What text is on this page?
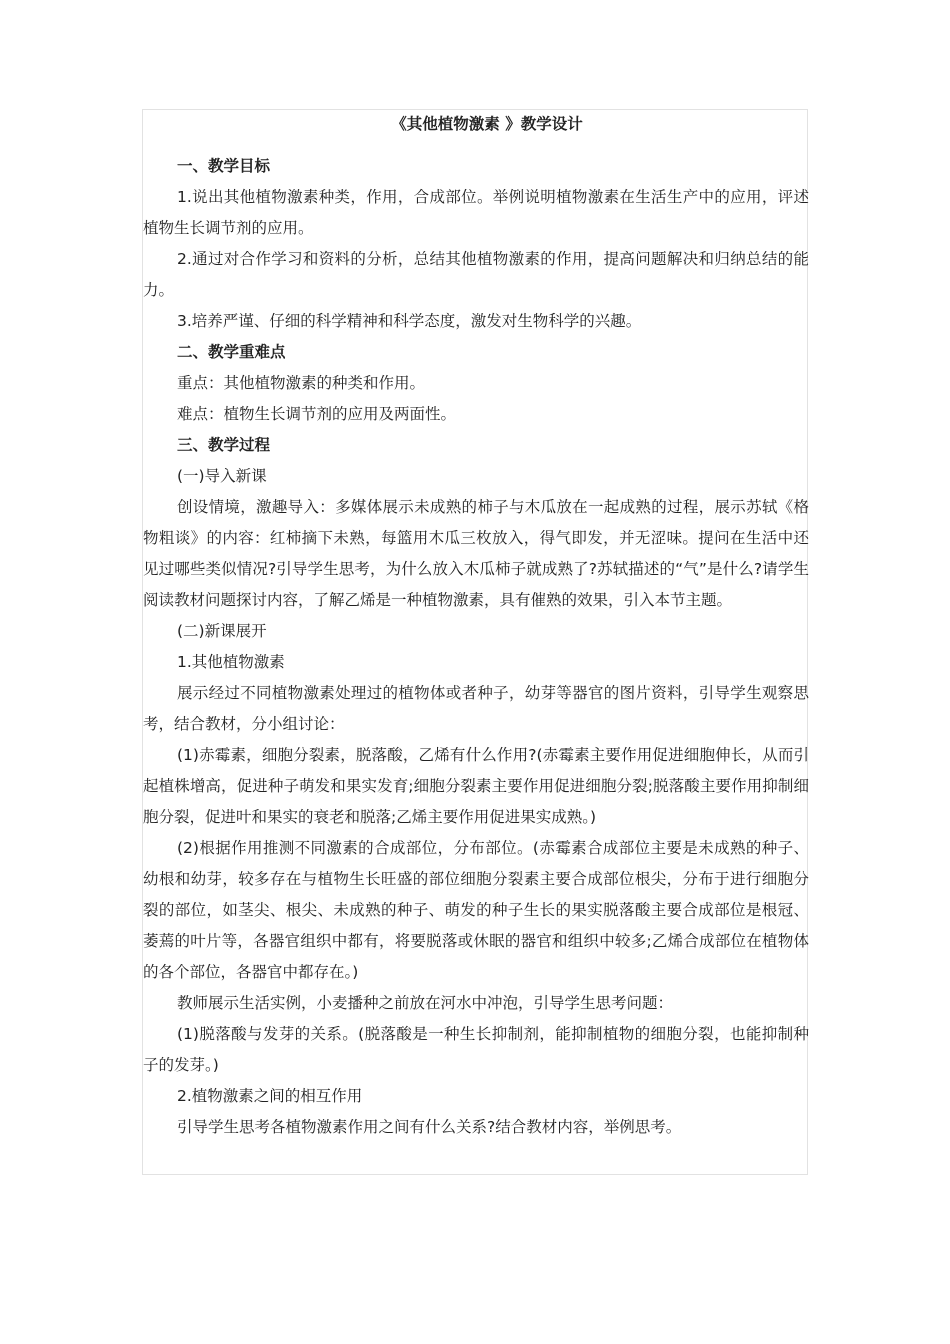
《其他植物激素 》教学设计

一、教学目标

1.说出其他植物激素种类，作用，合成部位。举例说明植物激素在生活生产中的应用，评述植物生长调节剂的应用。

2.通过对合作学习和资料的分析，总结其他植物激素的作用，提高问题解决和归纳总结的能力。

3.培养严谨、仔细的科学精神和科学态度，激发对生物科学的兴趣。

二、教学重难点

重点：其他植物激素的种类和作用。

难点：植物生长调节剂的应用及两面性。

三、教学过程

(一)导入新课

创设情境，激趣导入：多媒体展示未成熟的柿子与木瓜放在一起成熟的过程，展示苏轼《格物粗谈》的内容：红柿摘下未熟，每篮用木瓜三枚放入，得气即发，并无涩味。提问在生活中还见过哪些类似情况?引导学生思考，为什么放入木瓜柿子就成熟了?苏轼描述的“气”是什么?请学生阅读教材问题探讨内容，了解乙烯是一种植物激素，具有催熟的效果，引入本节主题。

(二)新课展开

1.其他植物激素

展示经过不同植物激素处理过的植物体或者种子，幼芽等器官的图片资料，引导学生观察思考，结合教材，分小组讨论：

(1)赤霉素，细胞分裂素，脱落酸，乙烯有什么作用?(赤霉素主要作用促进细胞伸长，从而引起植株增高，促进种子萌发和果实发育;细胞分裂素主要作用促进细胞分裂;脱落酸主要作用抑制细胞分裂，促进叶和果实的衰老和脱落;乙烯主要作用促进果实成熟。)

(2)根据作用推测不同激素的合成部位，分布部位。(赤霉素合成部位主要是未成熟的种子、幼根和幼芽，较多存在与植物生长旺盛的部位细胞分裂素主要合成部位根尖，分布于进行细胞分裂的部位，如茎尖、根尖、未成熟的种子、萌发的种子生长的果实脱落酸主要合成部位是根冠、萎蔫的叶片等，各器官组织中都有，将要脱落或休眠的器官和组织中较多;乙烯合成部位在植物体的各个部位，各器官中都存在。)

教师展示生活实例，小麦播种之前放在河水中冲泡，引导学生思考问题：

(1)脱落酸与发芽的关系。(脱落酸是一种生长抑制剂，能抑制植物的细胞分裂，也能抑制种子的发芽。)

2.植物激素之间的相互作用

引导学生思考各植物激素作用之间有什么关系?结合教材内容，举例思考。
